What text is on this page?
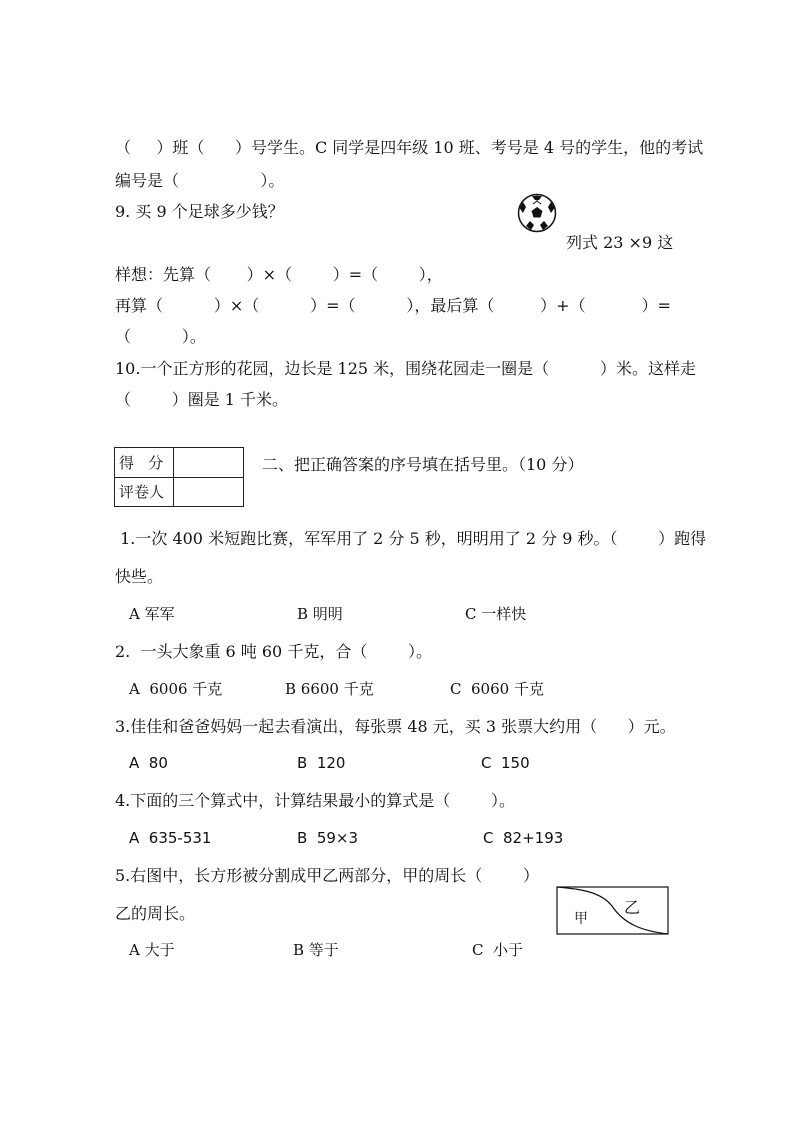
（     ）班（      ）号学生。C 同学是四年级 10 班、考号是 4 号的学生，他的考试
编号是（                ）。
9. 买 9 个足球多少钱？
列式 23 ×9 这
样想：先算（       ）×（        ）=（        ），
再算（          ）×（          ）=（          ），最后算（         ）+（           ）=
（          ）。
10.一个正方形的花园，边长是 125 米，围绕花园走一圈是（          ）米。这样走
（        ）圈是 1 千米。
得   分	
评卷人	
二、把正确答案的序号填在括号里。（10 分）
1.一次 400 米短跑比赛，军军用了 2 分 5 秒，明明用了 2 分 9 秒。（        ）跑得
快些。
A 军军	B 明明	C 一样快
2.  一头大象重 6 吨 60 千克，合（        ）。
A  6006 千克	B 6600 千克	C  6060 千克
3.佳佳和爸爸妈妈一起去看演出，每张票 48 元，买 3 张票大约用（      ）元。
A  80	B  120	C  150
4.下面的三个算式中，计算结果最小的算式是（        ）。
A  635-531	B  59×3	C  82+193
5.右图中，长方形被分割成甲乙两部分，甲的周长（        ）
乙的周长。	甲
乙
A 大于	B 等于	C  小于
